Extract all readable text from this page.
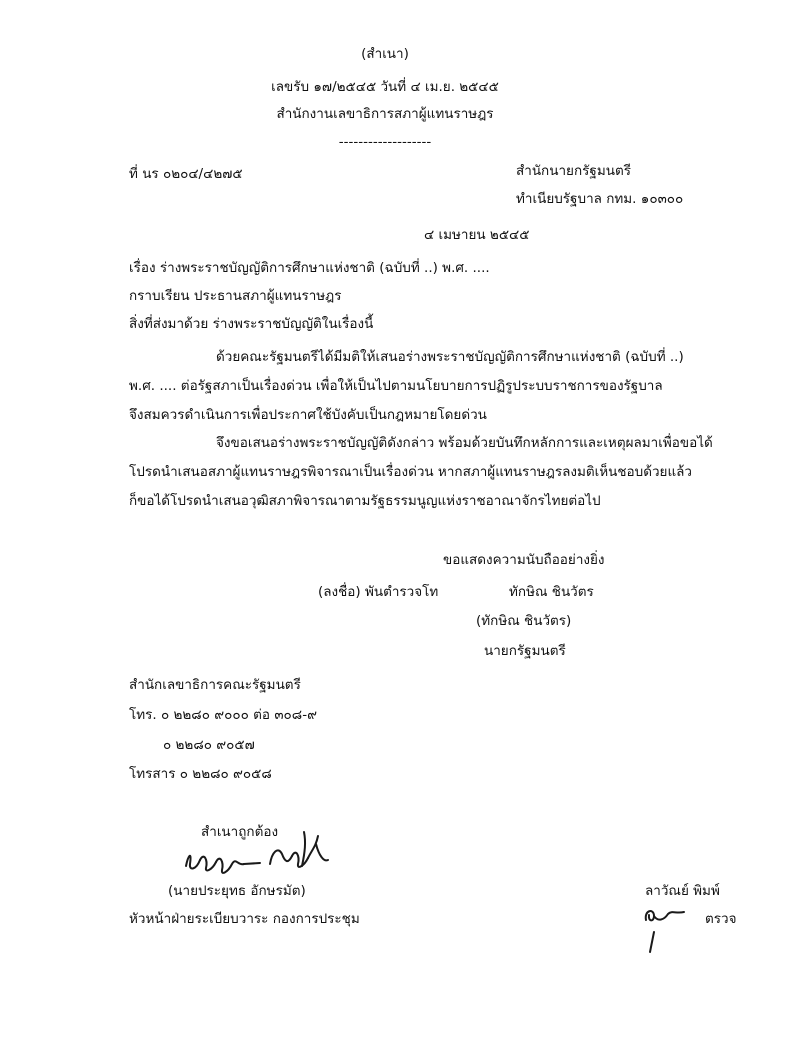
(สำเนา)
เลขรับ ๑๗/๒๕๔๕ วันที่ ๔ เม.ย. ๒๕๔๕
สำนักงานเลขาธิการสภาผู้แทนราษฎร
-------------------
ที่ นร ๐๒๐๔/๔๒๗๕	สำนักนายกรัฐมนตรี
ทำเนียบรัฐบาล กทม. ๑๐๓๐๐
๔ เมษายน ๒๕๔๕
เรื่อง ร่างพระราชบัญญัติการศึกษาแห่งชาติ (ฉบับที่ ..) พ.ศ. ....
กราบเรียน ประธานสภาผู้แทนราษฎร
สิ่งที่ส่งมาด้วย ร่างพระราชบัญญัติในเรื่องนี้
ด้วยคณะรัฐมนตรีได้มีมติให้เสนอร่างพระราชบัญญัติการศึกษาแห่งชาติ (ฉบับที่ ..)
พ.ศ. .... ต่อรัฐสภาเป็นเรื่องด่วน เพื่อให้เป็นไปตามนโยบายการปฏิรูประบบราชการของรัฐบาล
จึงสมควรดำเนินการเพื่อประกาศใช้บังคับเป็นกฎหมายโดยด่วน
จึงขอเสนอร่างพระราชบัญญัติดังกล่าว พร้อมด้วยบันทึกหลักการและเหตุผลมาเพื่อขอได้
โปรดนำเสนอสภาผู้แทนราษฎรพิจารณาเป็นเรื่องด่วน หากสภาผู้แทนราษฎรลงมติเห็นชอบด้วยแล้ว
ก็ขอได้โปรดนำเสนอวุฒิสภาพิจารณาตามรัฐธรรมนูญแห่งราชอาณาจักรไทยต่อไป
ขอแสดงความนับถืออย่างยิ่ง
(ลงชื่อ) พันตำรวจโท	ทักษิณ ชินวัตร
(ทักษิณ ชินวัตร)
นายกรัฐมนตรี
สำนักเลขาธิการคณะรัฐมนตรี
โทร. ๐ ๒๒๘๐ ๙๐๐๐ ต่อ ๓๐๘-๙
๐ ๒๒๘๐ ๙๐๕๗
โทรสาร ๐ ๒๒๘๐ ๙๐๕๘
สำเนาถูกต้อง
(นายประยุทธ อักษรมัต)
หัวหน้าฝ่ายระเบียบวาระ กองการประชุม
ลาวัณย์ พิมพ์
ตรวจ
